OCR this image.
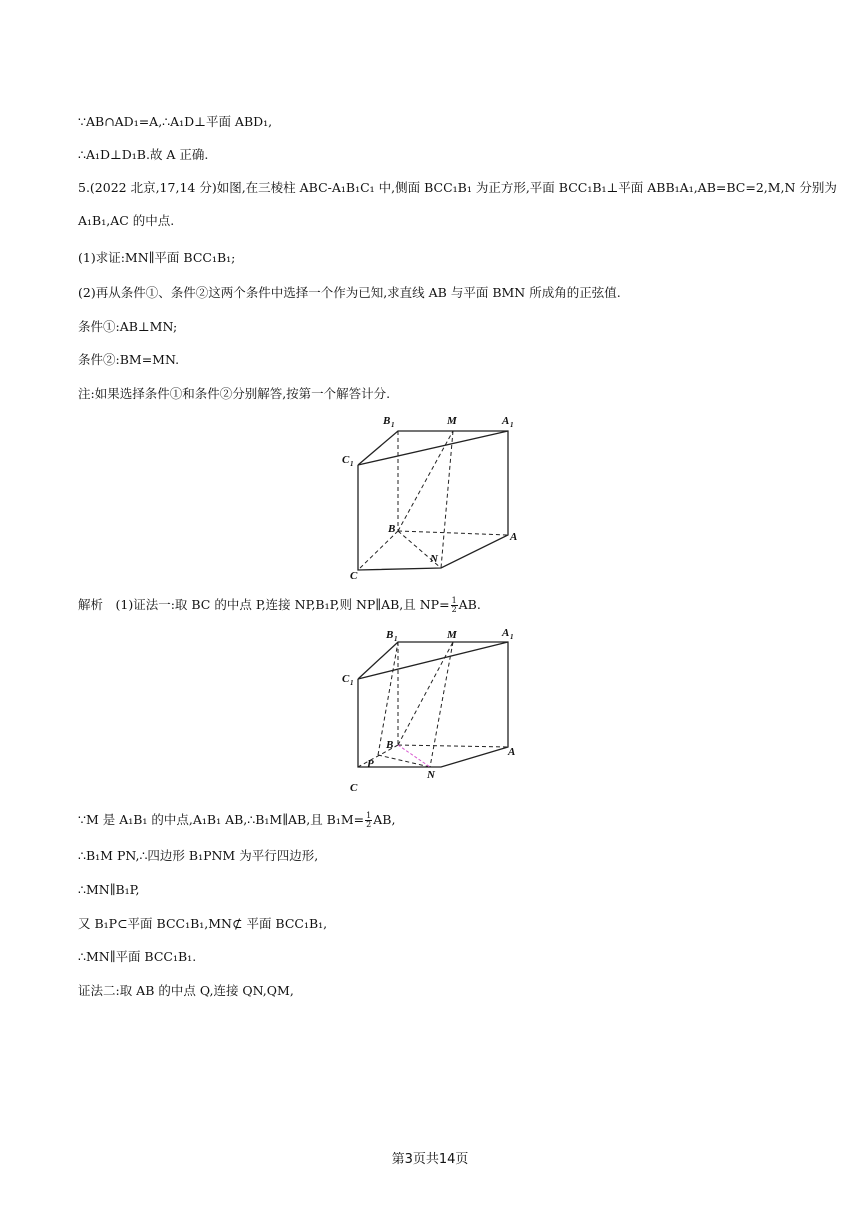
∵AB∩AD₁=A,∴A₁D⊥平面 ABD₁,
∴A₁D⊥D₁B.故 A 正确.
5.(2022 北京,17,14 分)如图,在三棱柱 ABC-A₁B₁C₁ 中,侧面 BCC₁B₁ 为正方形,平面 BCC₁B₁⊥平面 ABB₁A₁,AB=BC=2,M,N 分别为
A₁B₁,AC 的中点.
(1)求证:MN∥平面 BCC₁B₁;
(2)再从条件①、条件②这两个条件中选择一个作为已知,求直线 AB 与平面 BMN 所成角的正弦值.
条件①:AB⊥MN;
条件②:BM=MN.
注:如果选择条件①和条件②分别解答,按第一个解答计分.
B 1	M	A 1
C 1
B
A
N
C
解析　(1)证法一:取 BC 的中点 P,连接 NP,B₁P,则 NP∥AB,且 $NP= \frac{1}{2}$ AB.
B 1	M	A 1
C 1
B
A
P
N
C
∵M 是 A₁B₁ 的中点,A₁B₁ AB,∴B₁M∥AB,且 $B_1M= \frac{1}{2}$ AB,
∴B₁M PN,∴四边形 B₁PNM 为平行四边形,
∴MN∥B₁P,
又 B₁P⊂平面 BCC₁B₁,MN⊄ 平面 BCC₁B₁,
∴MN∥平面 BCC₁B₁.
证法二:取 AB 的中点 Q,连接 QN,QM,
第3页共14页
